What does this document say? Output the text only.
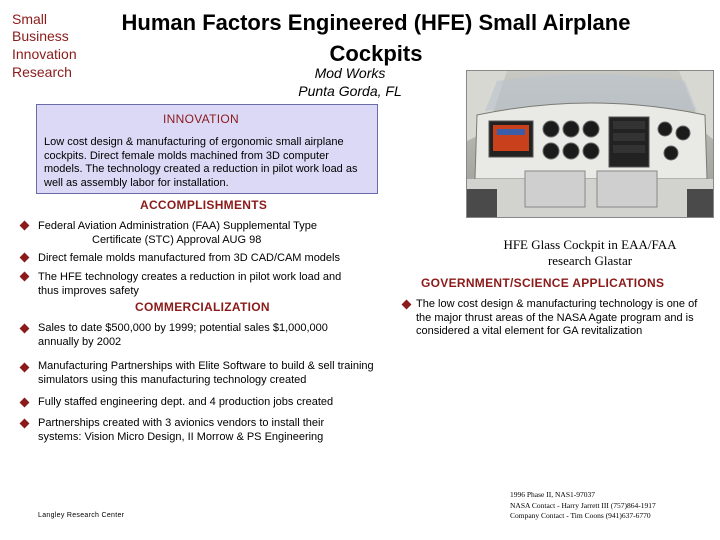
Small
Business
Innovation
Research
Human Factors Engineered (HFE) Small Airplane
Cockpits
Mod Works
Punta Gorda, FL
INNOVATION
Low cost design & manufacturing of ergonomic small airplane cockpits. Direct female molds machined from 3D computer models. The technology created a reduction in pilot work load as well as assembly labor for installation.
HFE Glass Cockpit in EAA/FAA
research Glastar
ACCOMPLISHMENTS
Federal Aviation Administration (FAA) Supplemental Type
Certificate (STC) Approval AUG 98
Direct female molds manufactured from 3D CAD/CAM models
The HFE technology creates a reduction in pilot work load and
thus improves safety
COMMERCIALIZATION
Sales to date $500,000 by 1999; potential sales $1,000,000 annually by 2002
Manufacturing Partnerships with Elite Software to build & sell training simulators using this manufacturing technology created
Fully staffed engineering dept. and 4 production jobs created
Partnerships created with 3 avionics vendors to install their systems: Vision Micro Design, II Morrow & PS Engineering
GOVERNMENT/SCIENCE APPLICATIONS
The low cost design & manufacturing technology is one of the major thrust areas of the NASA Agate program and is considered a vital element for GA revitalization
Langley Research Center
1996 Phase II, NAS1-97037
NASA Contact - Harry Jarrett III (757)864-1917
Company Contact - Tim Coons (941)637-6770
